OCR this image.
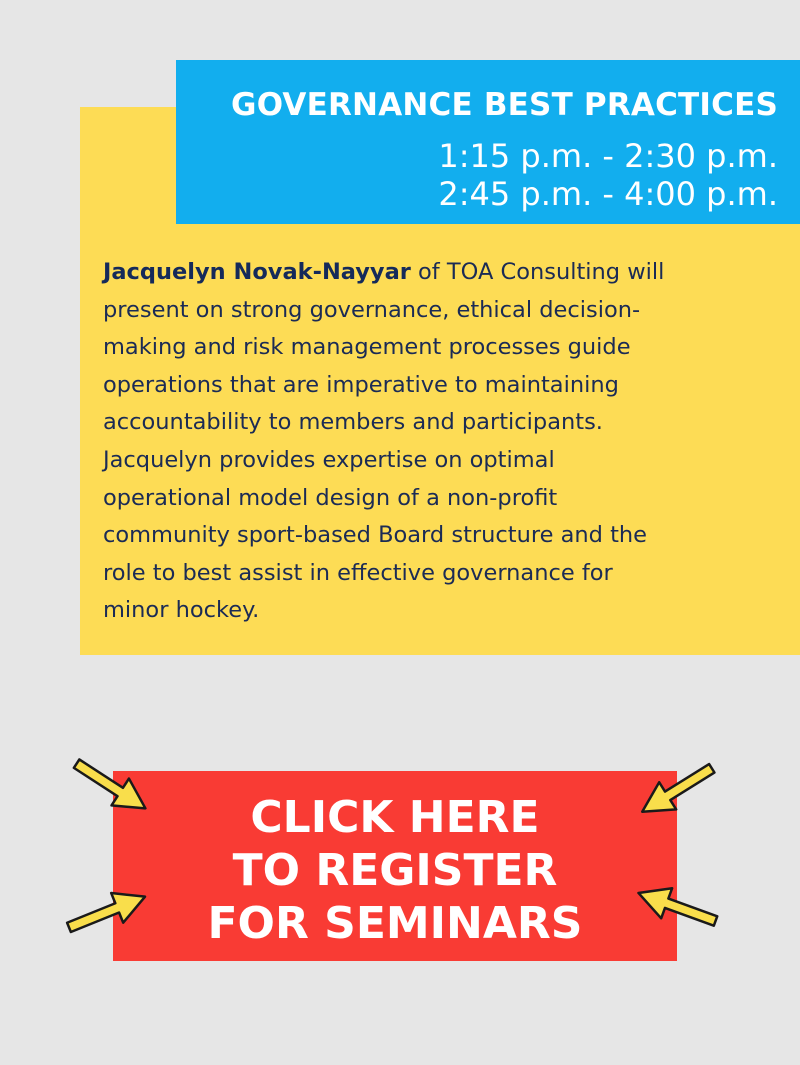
GOVERNANCE BEST PRACTICES
1:15 p.m. - 2:30 p.m.
2:45 p.m. - 4:00 p.m.
Jacquelyn Novak-Nayyar of TOA Consulting will
present on strong governance, ethical decision-
making and risk management processes guide
operations that are imperative to maintaining
accountability to members and participants.
Jacquelyn provides expertise on optimal
operational model design of a non-profit
community sport-based Board structure and the
role to best assist in effective governance for
minor hockey.
CLICK HERE
TO REGISTER
FOR SEMINARS
